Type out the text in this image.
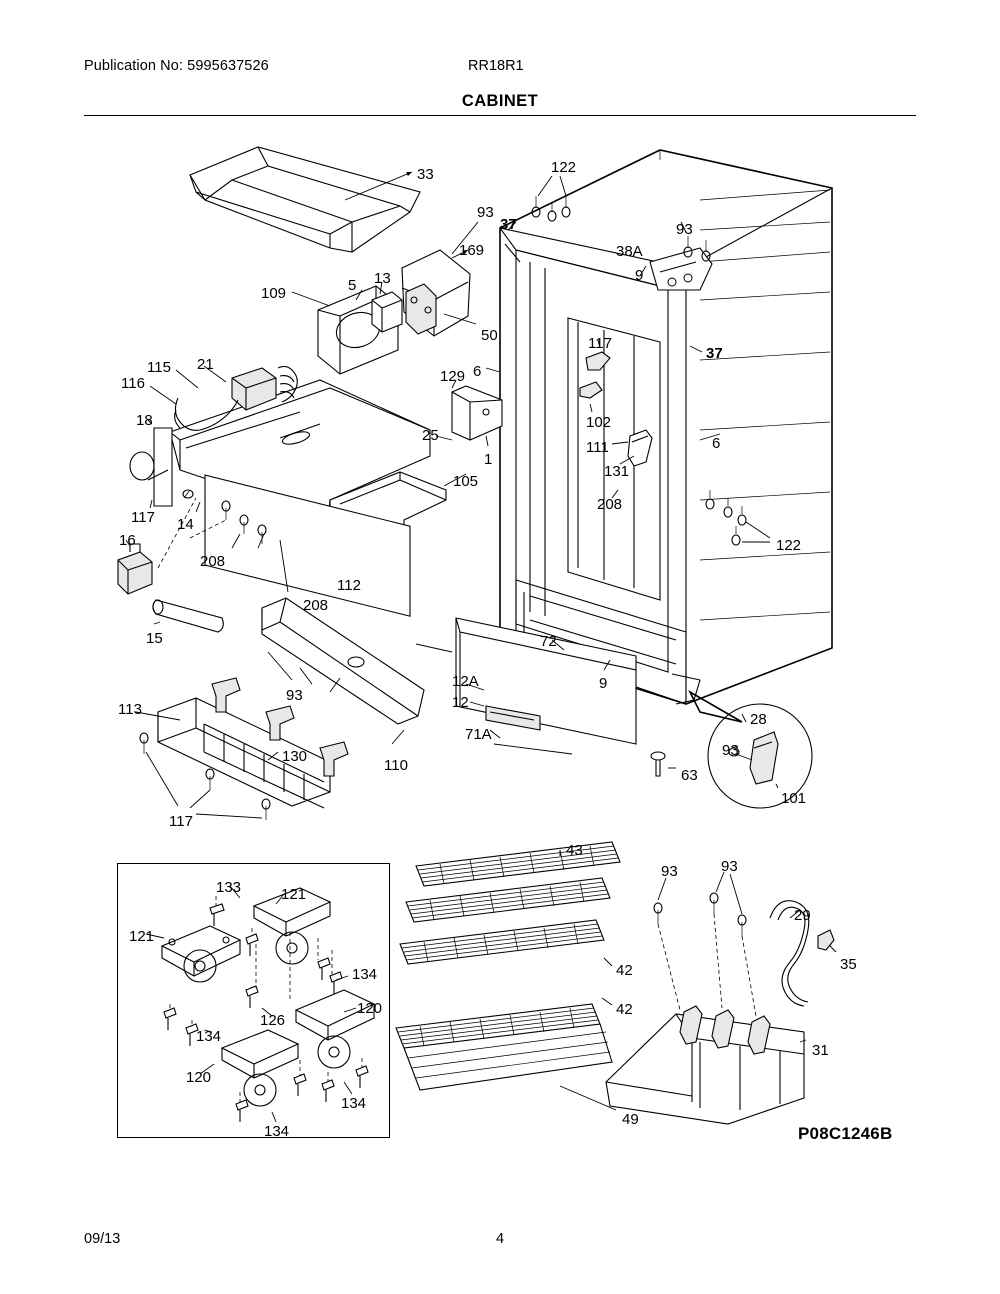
Publication No: 5995637526	RR18R1
CABINET
P08C1246B
09/13	4
33	122
93
37	93
38A
169
9
5 13
109
50	117
37
115 21	6
129
116
102
18
25
111	6
1
131
105
117 14
208
16
208
122
112
208
15	72
12A	9
93	12
113
28
71A
93
130
110
63
101
117
43
133	121
93	93
29
121
35
134	42
120	42
134
126
31
120
134
134
49
